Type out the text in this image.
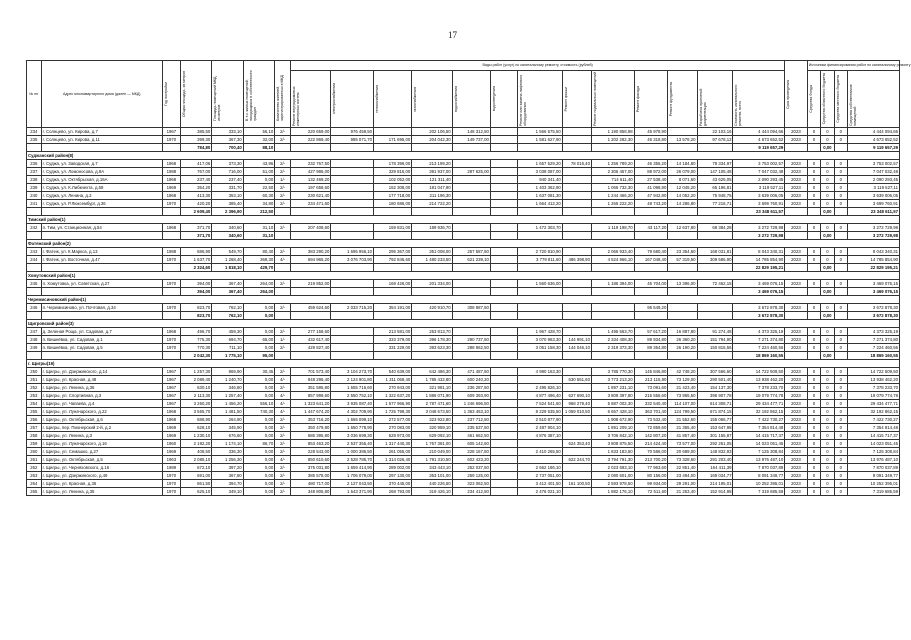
17
№ пп	Адрес многоквартирного дома (далее — МКД)	Год постройки	Общая площадь, кв.метров	Площадь помещений МКД, кв.метров	В т.ч. жилых помещений, находящихся в собственности граждан	Количество жителей, зарегистрированных в МКД	Виды работ (услуг) по капитальному ремонту, стоимость (рублей)													Срок проведения	Источники финансирования работ по капитальному ремонту			

							Ремонт внутридомовых инженерных систем	электроснабжения	теплоснабжения	газоснабжения	водоснабжения	водоотведения	Ремонт или замена лифтового оборудования	Ремонт крыши	Ремонт подвальных помещений	Ремонт фасада	Ремонт фундамента	Разработка проектной документации	Стоимость капитального ремонта, всего		Средства Фонда	Средства областного бюджета	Средства местного бюджета	Средства собственников помещений

234	г. Солнцево, ул. Кирова, д.7	1967	385,50	333,10	56,10	2/-	220 659,00	976 459,50		202 106,50	148 312,50		1 566 575,50		1 190 858,98	45 978,90		22 103,16	4 444 094,66	2023	0	0	0	4 444 094,66
235	г. Солнцево, ул. Кирова, д.11	1970	399,30	367,30	32,00	2/-	222 869,40	985 071,70	171 695,00	204 042,30	149 737,00		1 581 627,90		1 202 292,30	46 318,80	13 578,20	97 678,12	4 673 652,52	2023	0	0	0	4 673 652,52
			784,80	700,40	88,10														9 119 657,29			0,00		9 119 657,29
Суджанский район(8)																								
236	г. Суджа, ул. Заводская, д.7	1968	417,06	373,30	43,96	2/-	232 767,50		178 396,00	213 199,20			1 657 529,20	78 016,40	1 256 789,20	46 355,20	14 184,80	78 334,97	3 753 002,57	2023	0	0	0	3 753 002,57
237	г. Суджа, ул. Ломоносова, д.9А	1988	767,00	716,00	51,00	2/-	427 986,00		329 816,00	391 937,00	287 625,00		3 038 087,00		2 306 457,00	88 972,00	26 079,00	147 105,48	7 047 032,48	2023	0	0	0	7 047 032,48
238	г. Суджа, ул. Октябрьская, д.16А	1968	237,40	237,40	0,00	1/-	132 469,20		102 052,00	121 311,40			940 341,40		714 611,40	27 538,40	8 071,60	43 625,05	2 090 293,45	2023	0	0	0	2 090 293,45
239	г. Суджа, ул. К.Либкнехта, д.58	1969	354,20	331,70	22,50	2/-	197 658,60		152 308,00	181 047,90			1 403 362,90		1 066 732,30	41 098,80	12 045,20	65 196,81	3 119 527,11	2023	0	0	0	3 119 527,11
240	г. Суджа, ул. Ленина, д.2	1968	413,30	353,10	60,30	2/-	230 621,40		177 718,00	211 196,30			1 637 081,30		1 244 466,20	47 942,80	14 052,20	75 948,75	3 639 006,05	2023	0	0	0	3 639 006,05
241	г. Суджа, ул. Р.Люксембург, д.36	1970	420,20	385,40	34,80	2/-	234 471,60		180 686,00	214 722,20			1 664 412,20		1 265 222,20	48 743,20	14 286,80	77 216,71	3 699 760,91	2023	0	0	0	3 699 760,91
			2 609,40	2 396,90	212,50														23 348 611,57			0,00		23 348 611,57
Тимский район(1)																								
242	п. Тим, ул. Станционная, д.54	1968	371,70	340,60	31,10	2/-	207 408,60		159 831,00	189 936,70			1 472 303,70		1 119 198,70	43 117,20	12 637,80	68 384,28	3 272 729,98	2023	0	0	0	3 272 729,98
			371,70	340,60	31,10														3 272 729,98			0,00		3 272 729,98
Фатежский район(2)																								
243	г. Фатеж, ул. К.Маркса, д.13	1988	686,90	549,70	80,40	2/-	383 290,20	1 695 956,10	295 367,00	351 008,00	257 587,50		2 720 810,90		2 066 933,40	79 680,40	23 354,60	168 031,81	8 043 340,31	2023	0	0	0	8 043 340,31
244	г. Фатеж, ул. Восточная, д.47	1970	1 637,70	1 268,40	369,30	4/-	694 965,20	3 076 703,90	792 846,60	1 480 233,50	621 239,10		3 779 811,60	486 398,90	4 524 966,10	167 048,40	57 319,50	309 586,90	14 785 854,90	2023	0	0	0	14 785 854,90
			2 324,60	1 818,10	429,70														22 829 195,21			0,00		22 829 195,21
Хомутовский район(1)																								
245	п. Хомутовка, ул. Советская, д.27	1970	394,00	367,40	264,00	2/-	219 852,00		169 426,00	201 334,00			1 560 636,00		1 186 394,00	45 704,00	13 396,00	72 462,15	3 469 076,15	2023	0	0	0	3 469 076,15
			394,00	367,40	264,00														3 469 076,15			0,00		3 469 076,15
Черемисиновский район(1)																								
246	п. Черемисиново, ул. Почтовая, д.34	1970	823,70	762,10	0,00	2/-	459 624,60	2 033 715,20	354 191,00	420 910,70	308 887,50					95 549,20			3 672 878,30	2023	0	0	0	3 672 878,30
			823,70	762,10	0,00														3 672 878,30			0,00		3 672 878,30
Щигровский район(3)																								
247	д. Зеленая Роща, ул. Садовая, д.7	1968	496,70	459,30	0,00	2/-	277 158,60		213 581,00	253 813,70			1 967 428,70		1 495 563,70	57 617,20	16 887,80	91 274,48	4 373 325,19	2023	0	0	0	4 373 325,19
248	п. Вишнёвка, ул. Садовая, д.1	1970	775,30	694,70	65,00	1/-	432 617,40		333 379,00	396 178,30	290 737,50		3 070 963,30	144 991,10	2 334 408,30	89 934,80	26 360,20	151 794,90	7 271 374,80	2023	0	0	0	7 271 374,80
249	п. Вишнёвка, ул. Садовая, д.5	1970	770,30	711,10	0,00	2/-	429 827,40		331 229,00	393 623,30	288 862,50		3 051 158,30	144 046,10	2 319 373,30	89 354,80	26 190,20	150 815,56	7 224 460,56	2023	0	0	0	7 224 460,56
			2 042,30	1 775,10	95,00														18 869 160,55			0,00		18 869 160,55
г. Щигры(19)																								
250	г. Щигры, ул. Дзержинского, д.14	1967	1 257,30	869,90	30,45	2/-	701 573,40	3 104 273,70	540 639,00	642 486,30	471 487,50		4 980 163,30		3 785 770,30	145 846,80	42 748,20	307 566,60	14 722 509,50	2023	0	0	0	14 722 509,50
251	г. Щигры, ул. Красная, д.48	1967	2 089,40	1 240,70	0,00	4/-	848 296,40	2 124 901,80	1 311 068,40	1 785 432,80	600 240,20			630 551,60	3 773 213,20	213 115,80	73 129,00	290 501,40	13 938 462,20	2023	0	0	0	13 938 462,20
252	г. Щигры, ул. Ленина, д.36	1967	630,10	346,80	0,00	2/-	351 595,80	1 555 716,60	270 943,00	321 981,10	236 287,50		2 495 826,10		1 897 231,10	73 091,60	21 423,40	154 137,30	7 378 233,70	2023	0	0	0	7 378 233,70
253	г. Щигры, ул. Спортивная, д.3	1967	2 113,30	1 257,40	0,00	4/-	857 999,60	2 550 752,10	1 322 637,20	1 886 071,90	609 393,90		4 877 496,40	627 690,10	3 809 397,80	215 556,60	73 965,50	396 907,78	19 079 774,78	2023	0	0	0	19 079 774,78
254	г. Щигры, ул. Чапаева, д.4	1967	3 260,20	1 456,20	556,10	4/-	1 323 641,20	3 935 087,40	1 577 966,90	2 787 471,60	1 246 696,50		7 524 541,60	968 279,40	5 887 002,30	332 540,40	114 107,00	614 308,71	29 434 477,71	2023	0	0	0	29 434 477,71
255	г. Щигры, ул. Луначарского, д.22	1968	3 565,70	1 481,50	740,30	4/-	1 447 674,20	4 302 709,90	1 725 799,30	3 048 673,50	1 363 463,10		8 229 535,50	1 059 010,50	6 657 428,10	363 701,40	124 799,50	671 874,15	32 192 862,15	2023	0	0	0	32 192 862,15
256	г. Щигры, ул. Октябрьская, д.6	1968	688,90	264,90	0,00	2/-	353 716,20	1 565 099,10	272 577,00	323 922,80	237 712,50		2 510 877,90		1 908 672,90	73 532,40	21 552,60	155 066,77	7 422 730,27	2023	0	0	0	7 422 730,27
257	г. Щигры, пер. Пионерский 2-й, д.2	1969	628,10	345,90	0,00	2/-	350 479,80	1 550 778,90	270 083,00	320 959,10	235 537,50		2 487 904,10		1 891 209,10	72 859,60	21 355,40	153 647,98	7 354 814,48	2023	0	0	0	7 354 814,48
258	г. Щигры, ул. Ленина, д.3	1969	1 230,10	676,60	0,00	2/-	686 395,80	3 036 699,30	528 973,00	629 092,10	461 662,50		4 876 387,10		3 706 842,10	142 807,20	41 857,40	301 155,87	14 415 717,37	2023	0	0	0	14 415 717,37
259	г. Щигры, ул. Луначарского, д.16	1960	2 192,20	1 174,10	86,70	2/-	853 463,20	2 537 355,40	1 317 440,30	1 767 381,00	605 142,60			624 353,40	3 808 875,50	214 424,40	73 577,00	292 261,05	14 023 051,45	2023	0	0	0	14 023 051,45
260	г. Щигры, ул. Семашко, д.27	1969	408,50	336,30	0,00	2/-	228 543,00	1 000 386,50	261 055,00	210 049,00	228 167,50		2 410 265,50		1 833 183,50	70 586,00	20 689,00	148 832,93	7 125 308,84	2023	0	0	0	7 125 308,84
261	г. Щигры, ул. Октябрьская, д.5	1963	2 085,10	1 256,30	0,00	4/-	850 610,60	2 528 785,70	1 314 026,40	1 791 310,50	602 423,20			622 244,70	3 794 791,30	213 700,20	73 328,60	291 203,40	13 976 487,10	2023	0	0	0	13 976 487,10
262	г. Щигры, ул. Черняховского, д.16	1989	672,10	397,20	0,00	2/-	375 031,80	1 659 414,90	289 002,00	343 443,10	252 037,50		2 662 186,10		2 023 693,10	77 963,60	22 851,40	164 411,39	7 870 037,89	2023	0	0	0	7 870 037,89
263	г. Щигры, ул. Дзержинского, д.49	1970	691,00	367,80	0,00	2/-	385 578,00	1 706 079,00	297 130,00	353 101,00	259 125,00		2 737 051,00		2 080 601,00	80 156,00	23 494,00	169 034,77	8 091 349,77	2023	0	0	0	8 091 349,77
264	г. Щигры, ул. Красная, д.36	1970	861,50	394,70	0,00	2/-	480 717,00	2 127 043,50	370 445,00	440 226,50	323 062,50		3 412 401,50	161 100,50	2 593 978,50	99 934,00	29 291,00	214 195,01	10 252 395,01	2023	0	0	0	10 252 395,01
265	г. Щигры, ул. Ленина, д.35	1970	625,10	349,10	0,00	2/-	348 805,80	1 543 371,90	268 793,00	319 426,10	234 412,50		2 476 021,10		1 882 176,10	72 511,60	21 253,40	152 914,98	7 319 685,59	2023	0	0	0	7 319 685,59
